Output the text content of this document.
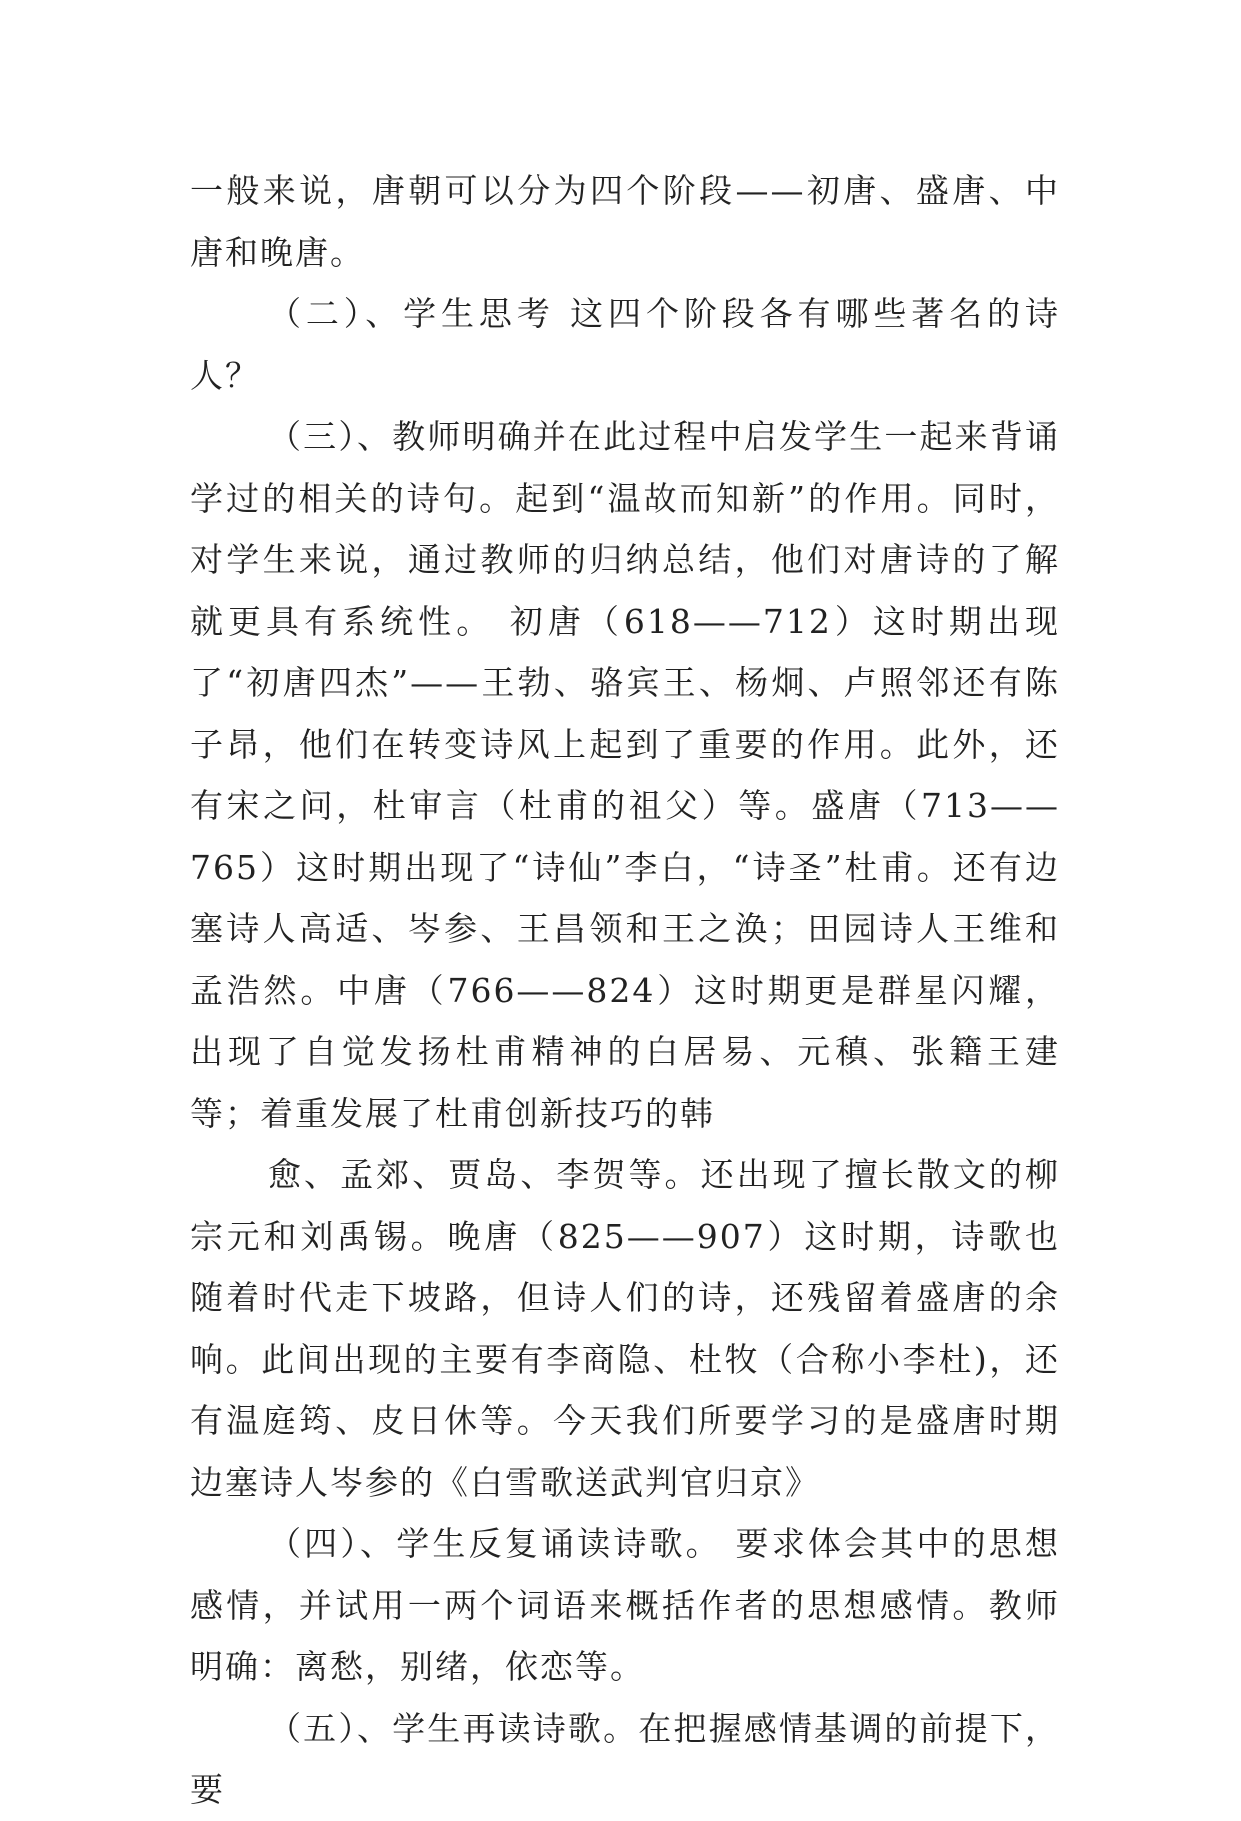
一般来说，唐朝可以分为四个阶段——初唐、盛唐、中唐和晚唐。

（二）、学生思考 这四个阶段各有哪些著名的诗人？

（三）、教师明确并在此过程中启发学生一起来背诵学过的相关的诗句。起到“温故而知新”的作用。同时，对学生来说，通过教师的归纳总结，他们对唐诗的了解就更具有系统性。 初唐（618——712）这时期出现了“初唐四杰”——王勃、骆宾王、杨炯、卢照邻还有陈子昂，他们在转变诗风上起到了重要的作用。此外，还有宋之问，杜审言（杜甫的祖父）等。盛唐（713——765）这时期出现了“诗仙”李白，“诗圣”杜甫。还有边塞诗人高适、岑参、王昌领和王之涣；田园诗人王维和孟浩然。中唐（766——824）这时期更是群星闪耀，出现了自觉发扬杜甫精神的白居易、元稹、张籍王建等；着重发展了杜甫创新技巧的韩

愈、孟郊、贾岛、李贺等。还出现了擅长散文的柳宗元和刘禹锡。晚唐（825——907）这时期，诗歌也随着时代走下坡路，但诗人们的诗，还残留着盛唐的余响。此间出现的主要有李商隐、杜牧（合称小李杜)，还有温庭筠、皮日休等。今天我们所要学习的是盛唐时期边塞诗人岑参的《白雪歌送武判官归京》

（四）、学生反复诵读诗歌。 要求体会其中的思想感情，并试用一两个词语来概括作者的思想感情。教师明确：离愁，别绪，依恋等。

（五）、学生再读诗歌。在把握感情基调的前提下，要
